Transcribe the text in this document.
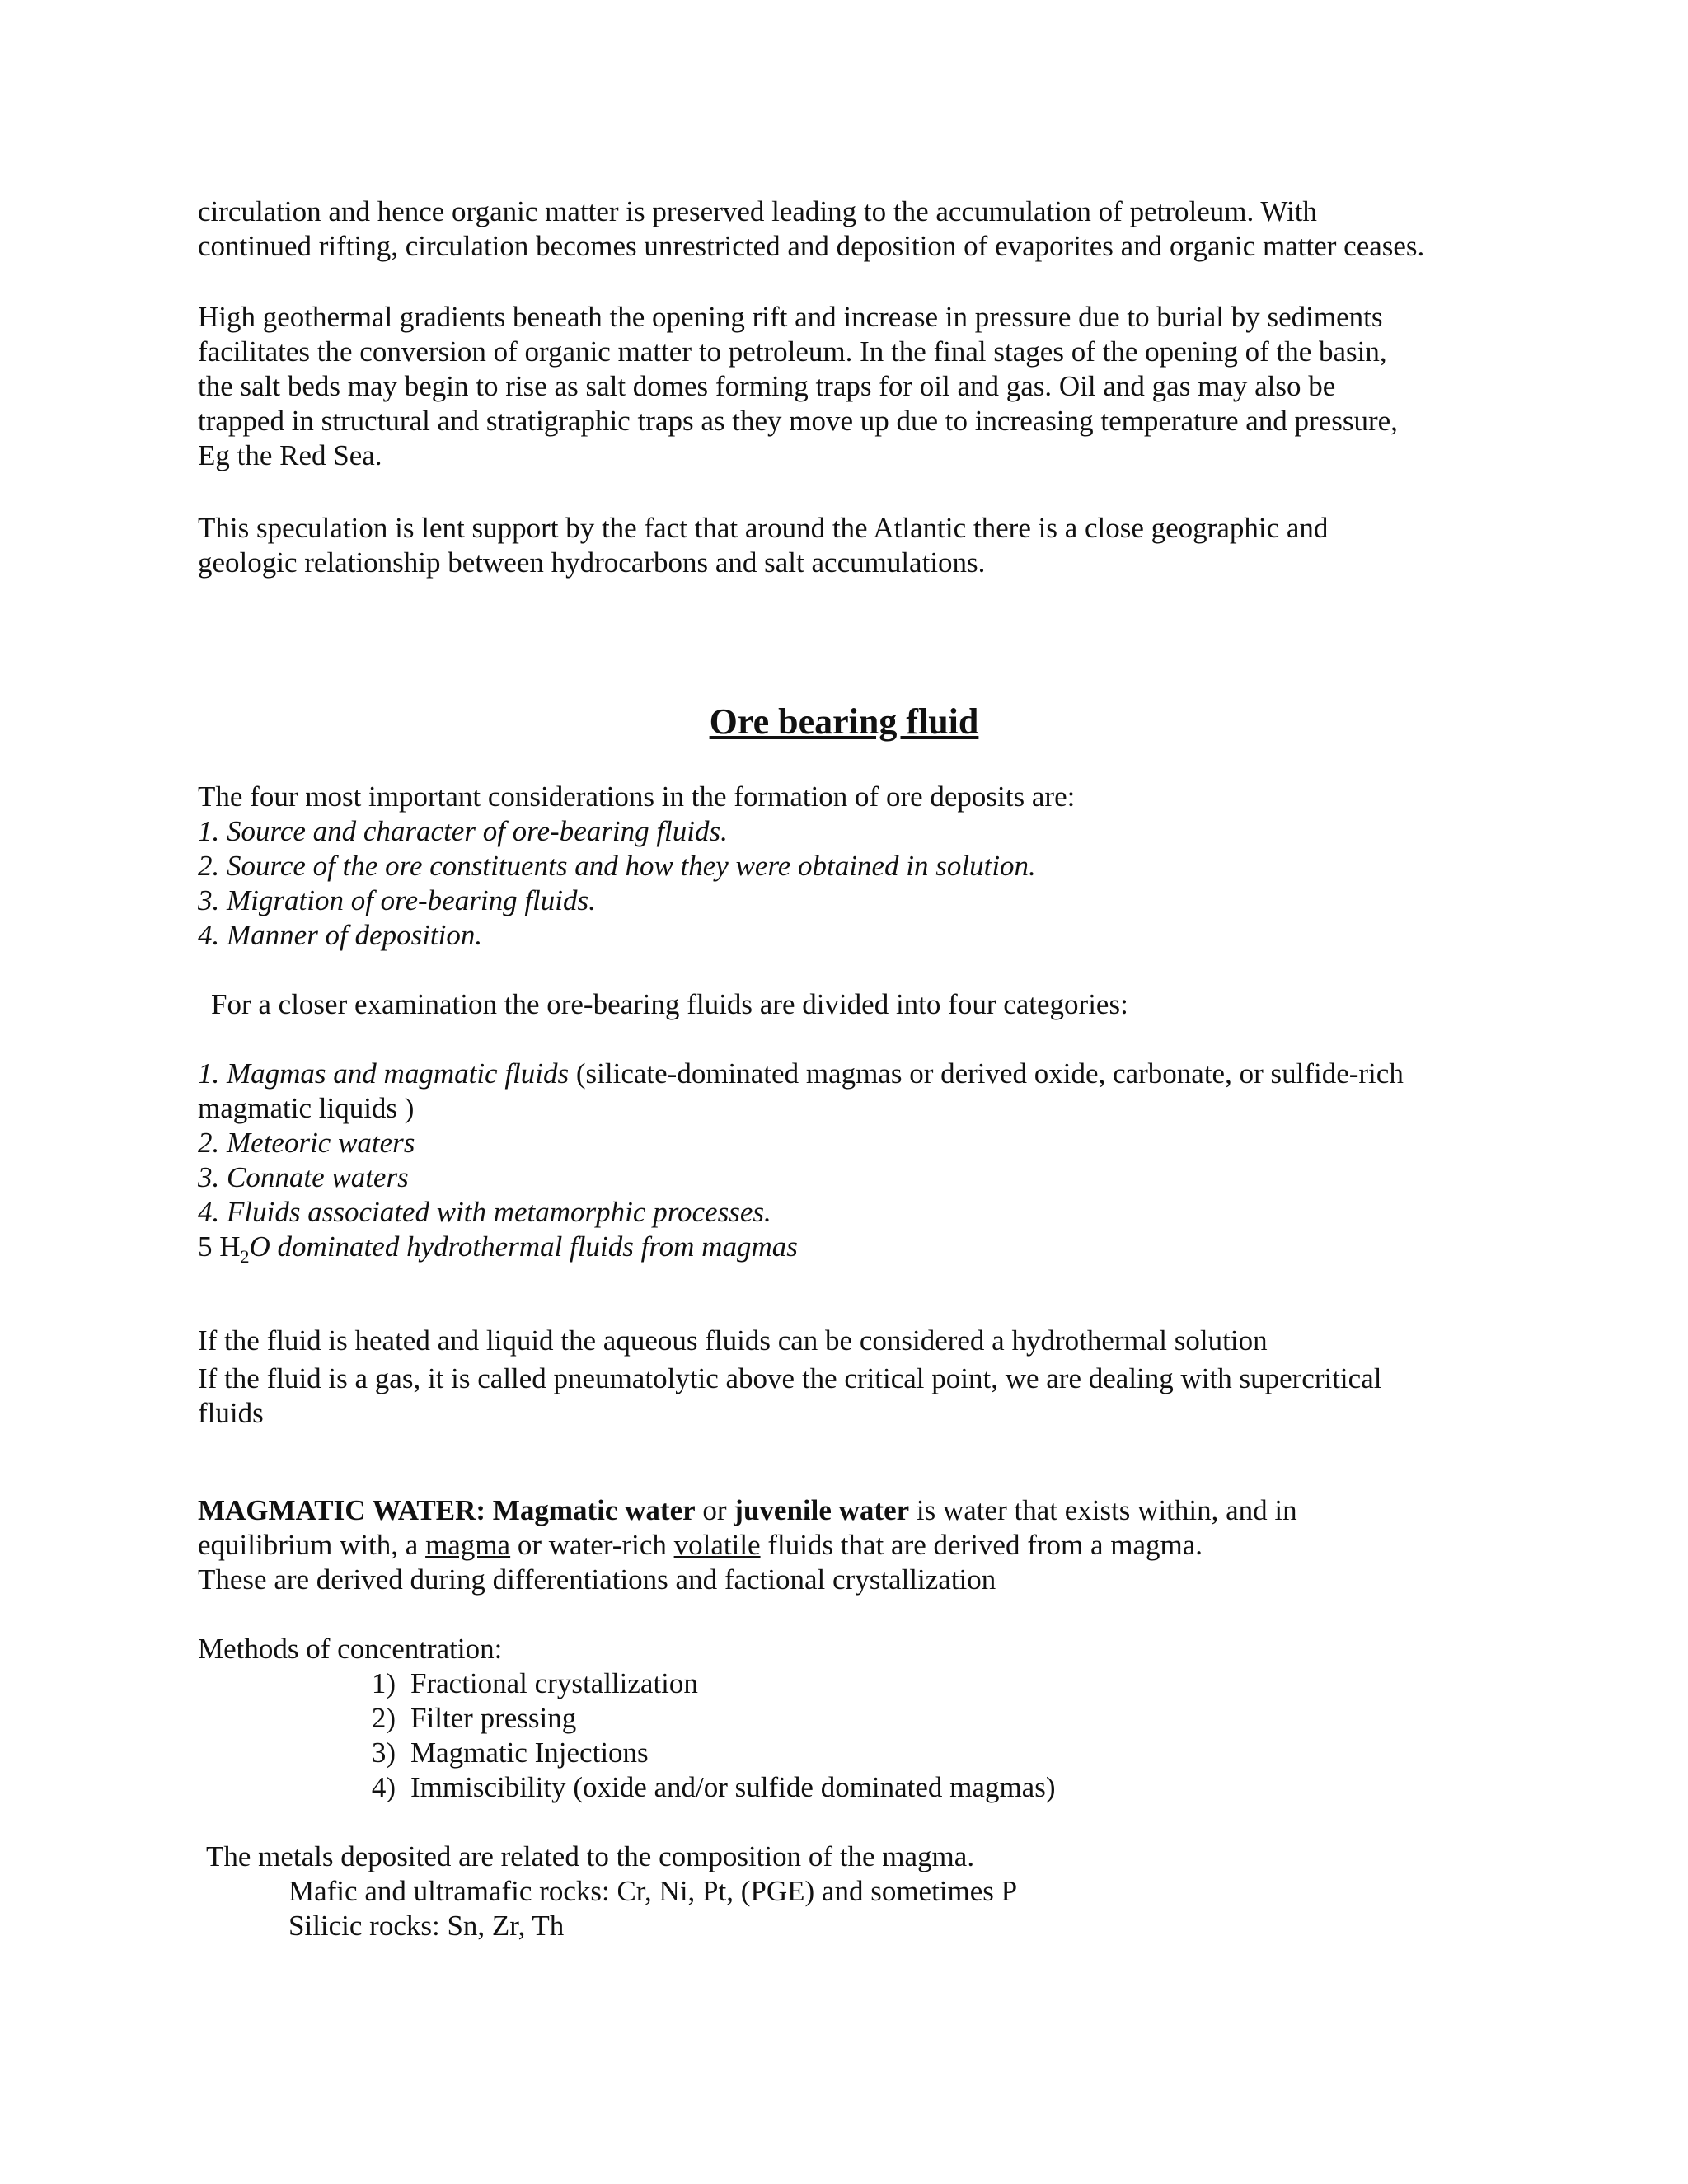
circulation and hence organic matter is preserved leading to the accumulation of petroleum. With
continued rifting, circulation becomes unrestricted and deposition of evaporites and organic matter ceases.
High geothermal gradients beneath the opening rift and increase in pressure due to burial by sediments
facilitates the conversion of organic matter to petroleum. In the final stages of the opening of the basin,
the salt beds may begin to rise as salt domes forming traps for oil and gas. Oil and gas may also be
trapped in structural and stratigraphic traps as they move up due to increasing temperature and pressure,
Eg the Red Sea.
This speculation is lent support by the fact that around the Atlantic there is a close geographic and
geologic relationship between hydrocarbons and salt accumulations.
Ore bearing fluid
The four most important considerations in the formation of ore deposits are:
1. Source and character of ore-bearing fluids.
2. Source of the ore constituents and how they were obtained in solution.
3. Migration of ore-bearing fluids.
4. Manner of deposition.
For a closer examination the ore-bearing fluids are divided into four categories:
1. Magmas and magmatic fluids (silicate-dominated magmas or derived oxide, carbonate, or sulfide-rich
magmatic liquids )
2. Meteoric waters
3. Connate waters
4. Fluids associated with metamorphic processes.
5 $H_2O$ dominated hydrothermal fluids from magmas
If the fluid is heated and liquid the aqueous fluids can be considered a hydrothermal solution
If the fluid is a gas, it is called pneumatolytic above the critical point, we are dealing with supercritical
fluids
MAGMATIC WATER: Magmatic water or juvenile water is water that exists within, and in
equilibrium with, a magma or water-rich volatile fluids that are derived from a magma.
These are derived during differentiations and factional crystallization
Methods of concentration:
1) Fractional crystallization
2) Filter pressing
3) Magmatic Injections
4) Immiscibility (oxide and/or sulfide dominated magmas)
The metals deposited are related to the composition of the magma.
Mafic and ultramafic rocks: Cr, Ni, Pt, (PGE) and sometimes P
Silicic rocks: Sn, Zr, Th
